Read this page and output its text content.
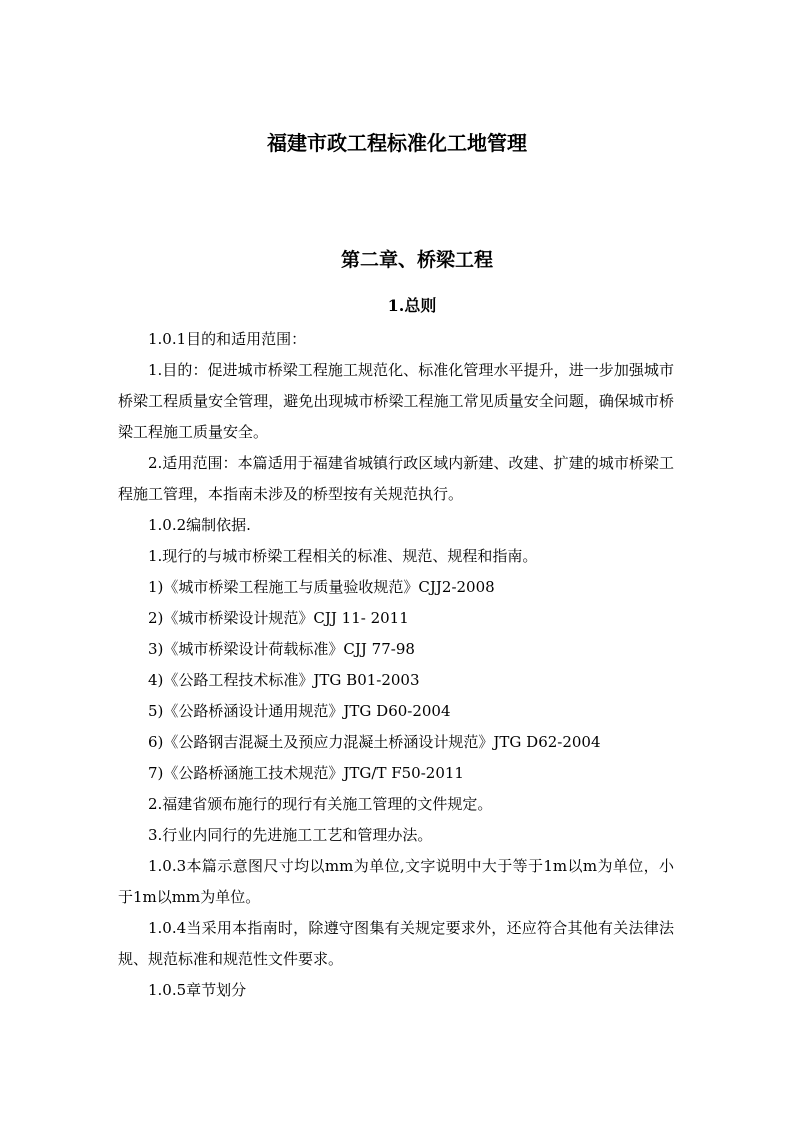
福建市政工程标准化工地管理
第二章、桥梁工程
1.总则

1.0.1目的和适用范围：

1.目的：促进城市桥梁工程施工规范化、标准化管理水平提升，进一步加强城市桥梁工程质量安全管理，避免出现城市桥梁工程施工常见质量安全问题，确保城市桥梁工程施工质量安全。

2.适用范围：本篇适用于福建省城镇行政区域内新建、改建、扩建的城市桥梁工程施工管理，本指南未涉及的桥型按有关规范执行。

1.0.2编制依据.

1.现行的与城市桥梁工程相关的标准、规范、规程和指南。

1)《城市桥梁工程施工与质量验收规范》CJJ2-2008

2)《城市桥梁设计规范》CJJ 11- 2011

3)《城市桥梁设计荷载标准》CJJ 77-98

4)《公路工程技术标准》JTG B01-2003

5)《公路桥涵设计通用规范》JTG D60-2004

6)《公路钢吉混凝土及预应力混凝土桥涵设计规范》JTG D62-2004

7)《公路桥涵施工技术规范》JTG/T F50-2011

2.福建省颁布施行的现行有关施工管理的文件规定。

3.行业内同行的先进施工工艺和管理办法。

1.0.3本篇示意图尺寸均以mm为单位,文字说明中大于等于1m以m为单位，小于1m以mm为单位。

1.0.4当采用本指南时，除遵守图集有关规定要求外，还应符合其他有关法律法规、规范标准和规范性文件要求。

1.0.5章节划分
